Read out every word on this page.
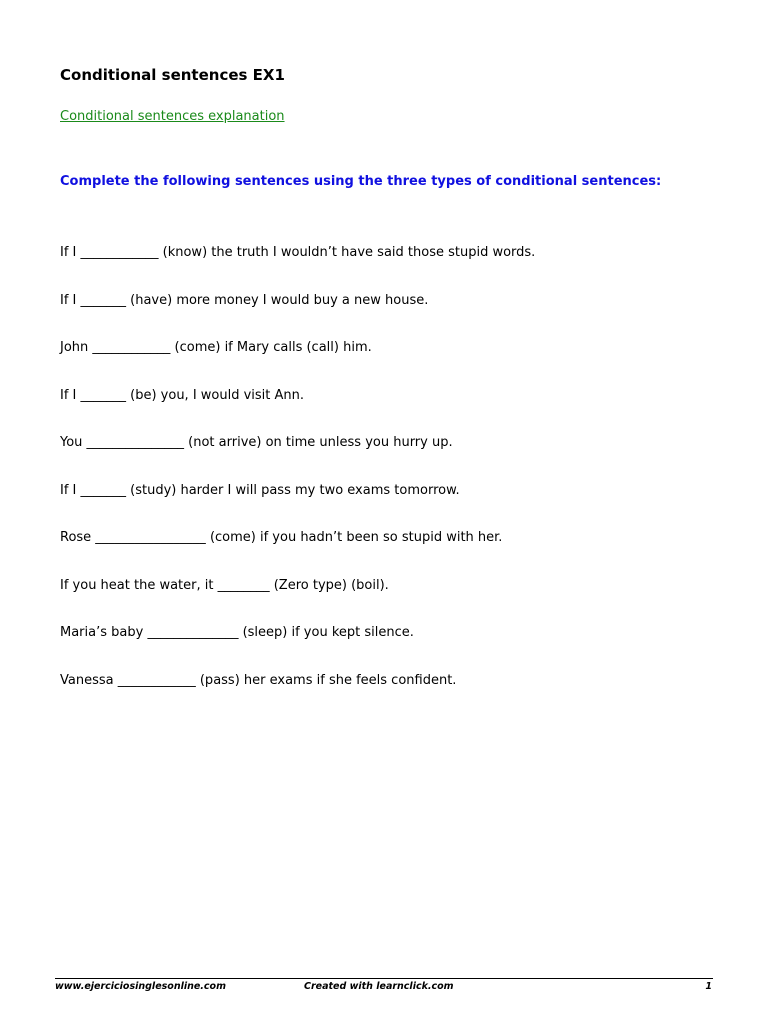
Conditional sentences EX1
Conditional sentences explanation
Complete the following sentences using the three types of conditional sentences:
If I ____________ (know) the truth I wouldn’t have said those stupid words.
If I _______ (have) more money I would buy a new house.
John ____________ (come) if Mary calls (call) him.
If I _______ (be) you, I would visit Ann.
You _______________ (not arrive) on time unless you hurry up.
If I _______ (study) harder I will pass my two exams tomorrow.
Rose _________________ (come) if you hadn’t been so stupid with her.
If you heat the water, it ________ (Zero type) (boil).
Maria’s baby ______________ (sleep) if you kept silence.
Vanessa ____________ (pass) her exams if she feels confident.
www.ejerciciosinglesonline.com	Created with learnclick.com	1
